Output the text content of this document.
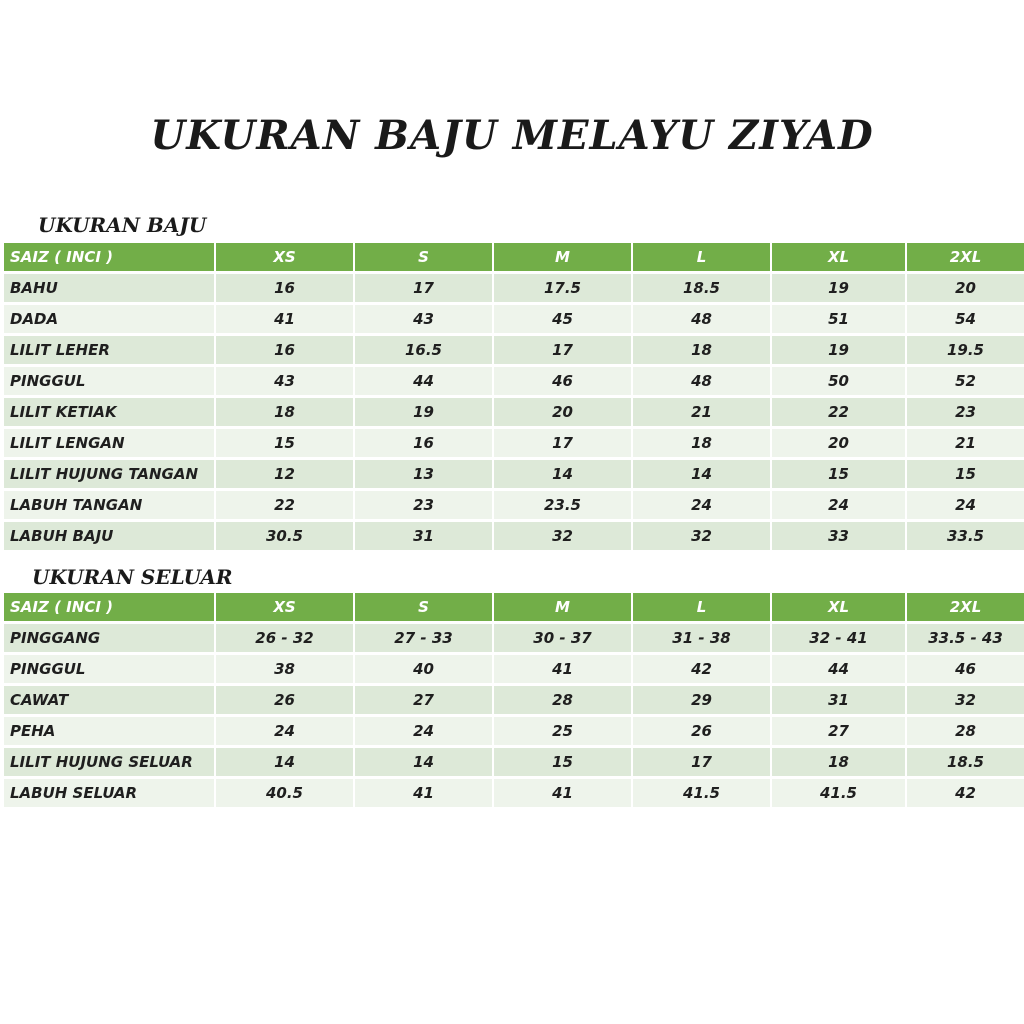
UKURAN BAJU MELAYU ZIYAD
UKURAN BAJU
SAIZ ( INCI )	XS	S	M	L	XL	2XL
BAHU	16	17	17.5	18.5	19	20
DADA	41	43	45	48	51	54
LILIT LEHER	16	16.5	17	18	19	19.5
PINGGUL	43	44	46	48	50	52
LILIT KETIAK	18	19	20	21	22	23
LILIT LENGAN	15	16	17	18	20	21
LILIT HUJUNG TANGAN	12	13	14	14	15	15
LABUH TANGAN	22	23	23.5	24	24	24
LABUH BAJU	30.5	31	32	32	33	33.5
UKURAN SELUAR
SAIZ ( INCI )	XS	S	M	L	XL	2XL
PINGGANG	26 - 32	27 - 33	30 - 37	31 - 38	32 - 41	33.5 - 43
PINGGUL	38	40	41	42	44	46
CAWAT	26	27	28	29	31	32
PEHA	24	24	25	26	27	28
LILIT HUJUNG SELUAR	14	14	15	17	18	18.5
LABUH SELUAR	40.5	41	41	41.5	41.5	42
